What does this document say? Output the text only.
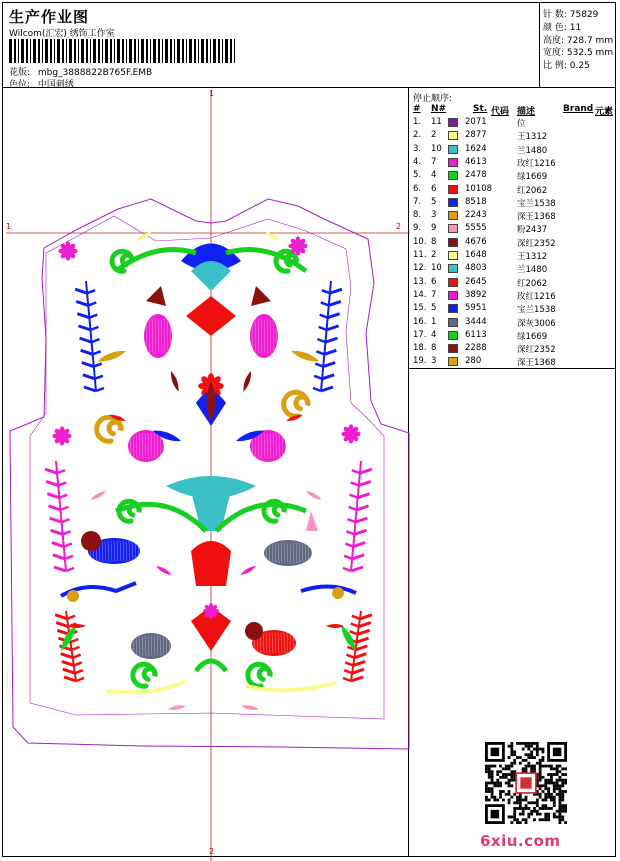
生产作业图
Wilcom(汇宏) 绣饰工作室
花版: mbg_388882​2B765F.EMB
色位: 中国刺绣
针 数: 75829
颜 色: 11
高度: 728.7 mm
宽度: 532.5 mm
比 例: 0.25
停止顺序:
# N#	St. 代码 描述	Brand 元素
1. 11	2071	位
2. 2	2877	王1312
3. 10	1624	兰1480
4. 7	4613	玫红1216
5. 4	2478	绿1669
6. 6	10108	红2062
7. 5	8518	宝兰1538
8. 3	2243	深王1368
9. 9	5555	粉2437
10. 8	4676	深红2352
11. 2	1648	王1312
12. 10	4803	兰1480
13. 6	2645	红2062
14. 7	3892	玫红1216
15. 5	5951	宝兰1538
16. 1	3444	深灰3006
17. 4	6113	绿1669
18. 8	2288	深红2352
19. 3	280	深王1368
1	2
1
2
6xiu.com
